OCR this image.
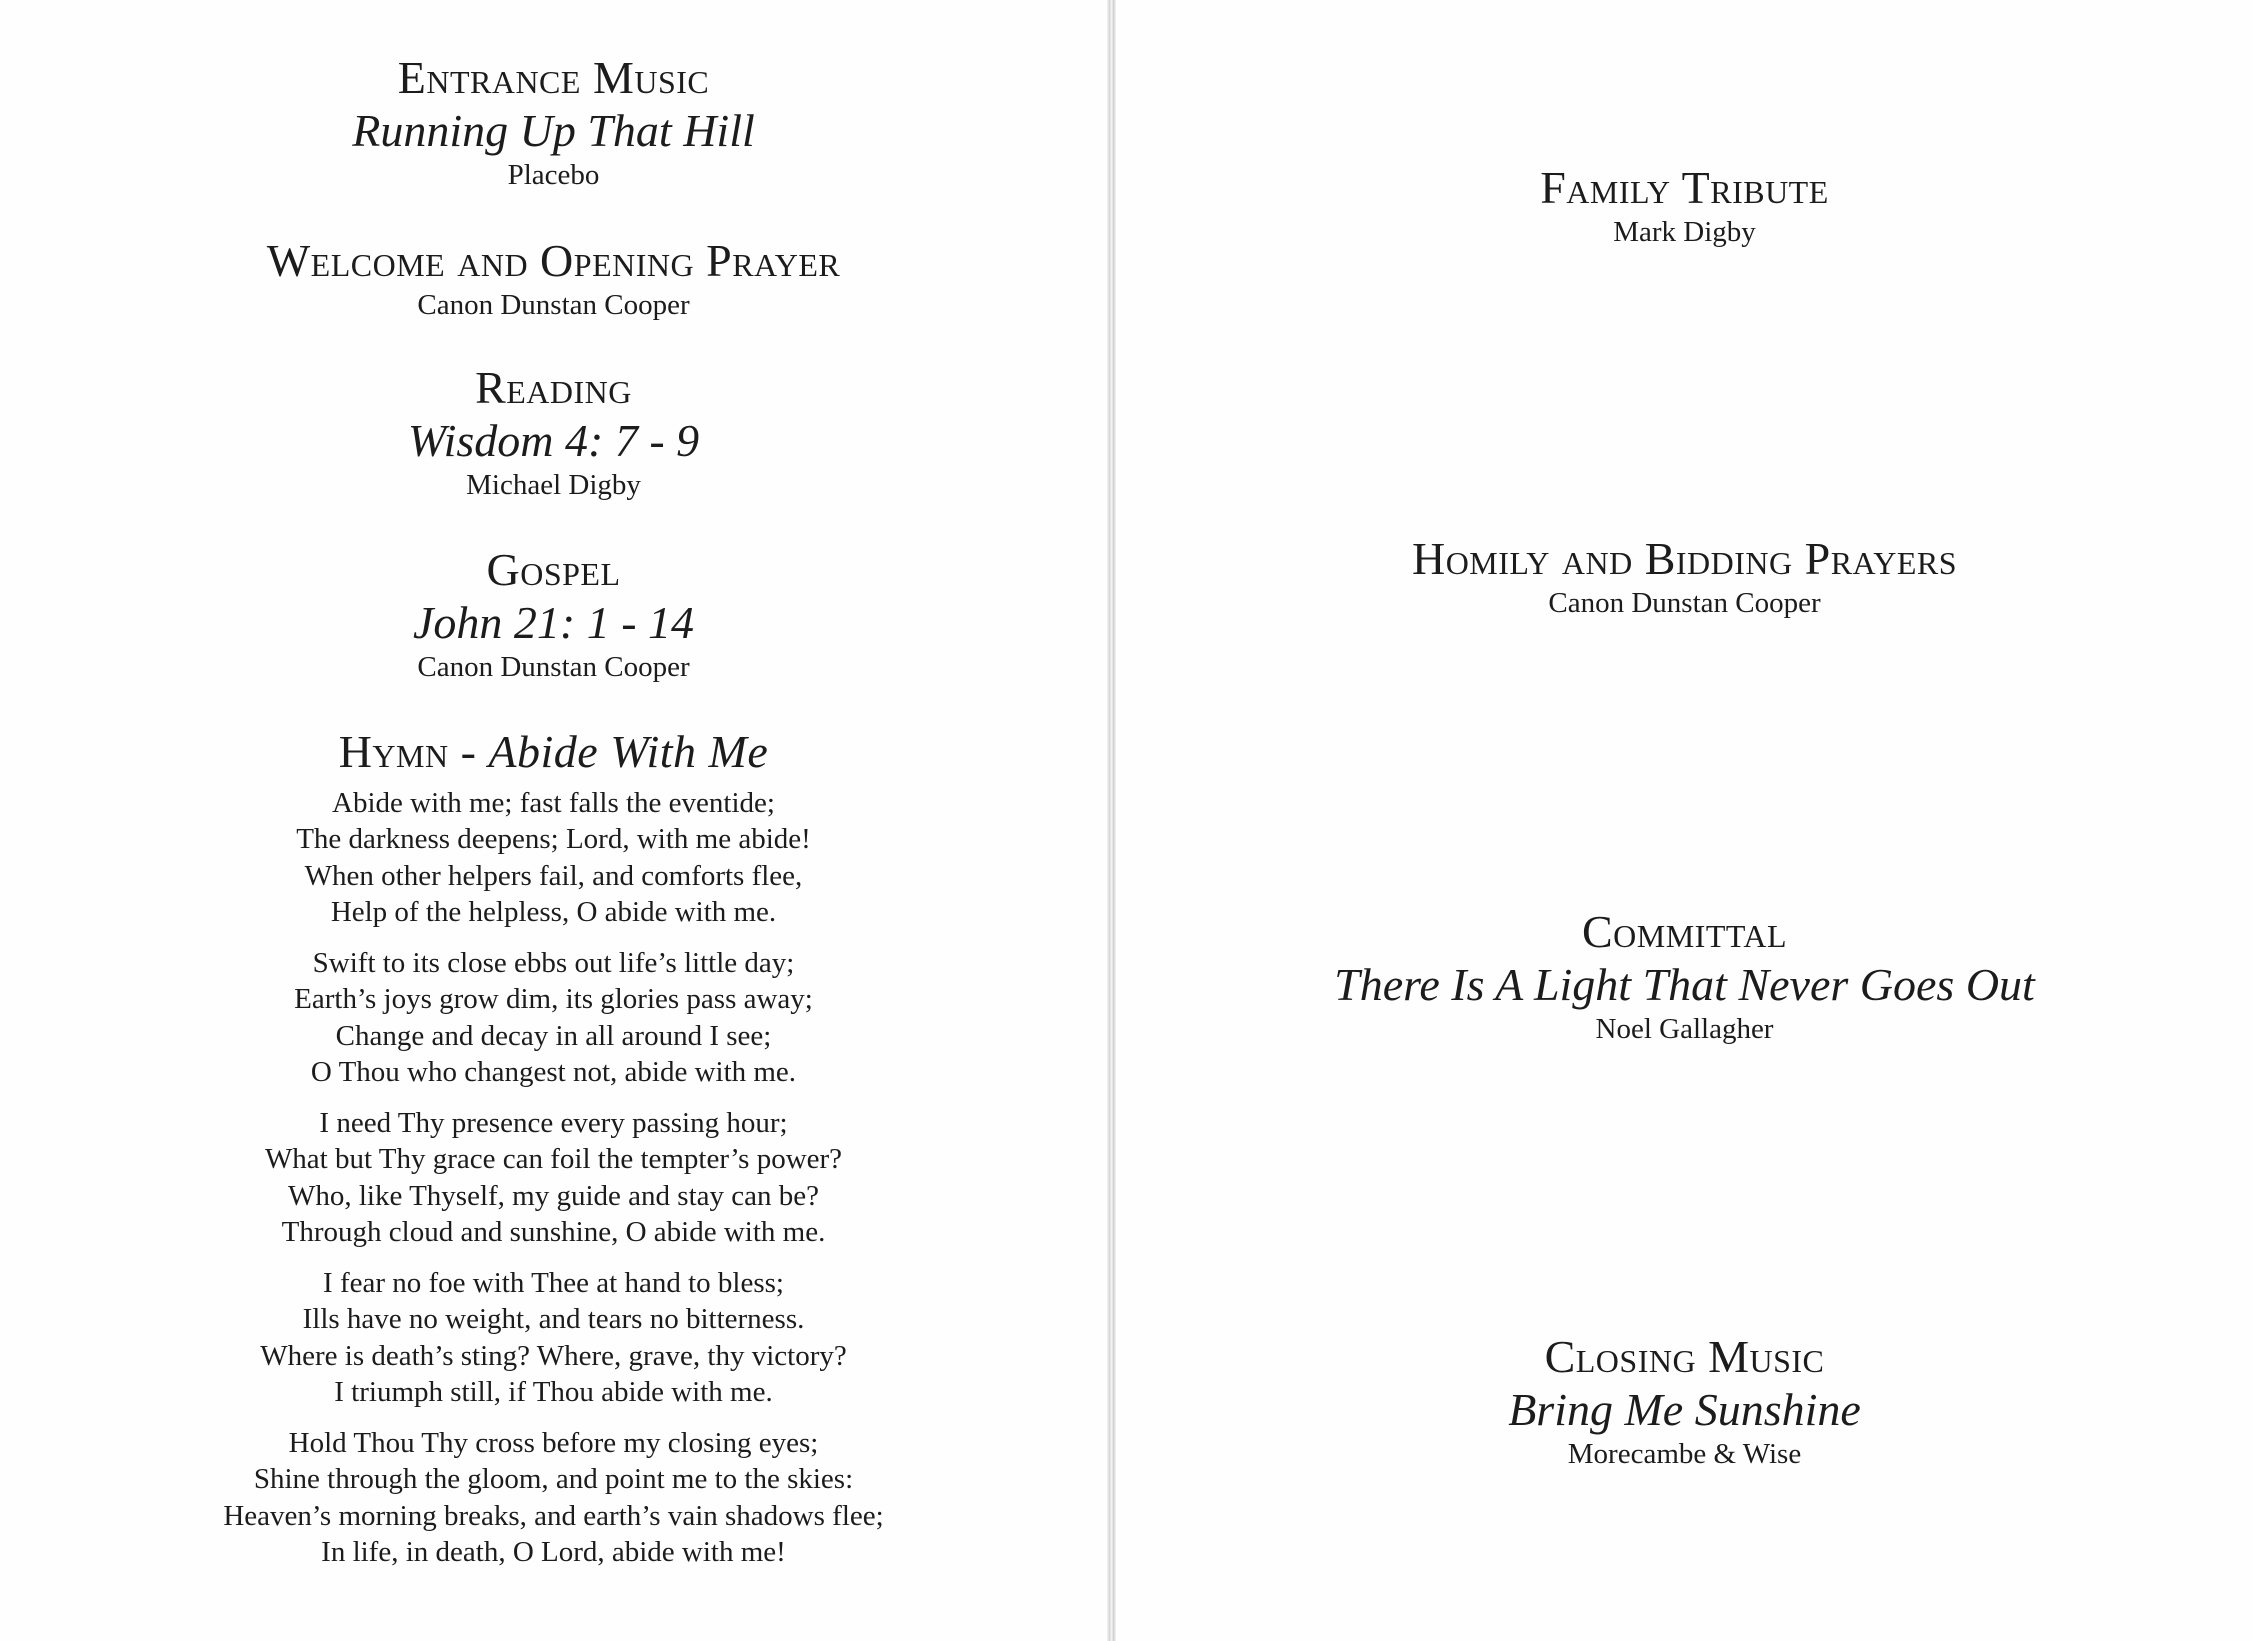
Entrance Music
Running Up That Hill
Placebo
Welcome and Opening Prayer
Canon Dunstan Cooper
Reading
Wisdom 4: 7 - 9
Michael Digby
Gospel
John 21: 1 - 14
Canon Dunstan Cooper
Hymn - Abide With Me
Abide with me; fast falls the eventide;
The darkness deepens; Lord, with me abide!
When other helpers fail, and comforts flee,
Help of the helpless, O abide with me.
Swift to its close ebbs out life’s little day;
Earth’s joys grow dim, its glories pass away;
Change and decay in all around I see;
O Thou who changest not, abide with me.
I need Thy presence every passing hour;
What but Thy grace can foil the tempter’s power?
Who, like Thyself, my guide and stay can be?
Through cloud and sunshine, O abide with me.
I fear no foe with Thee at hand to bless;
Ills have no weight, and tears no bitterness.
Where is death’s sting? Where, grave, thy victory?
I triumph still, if Thou abide with me.
Hold Thou Thy cross before my closing eyes;
Shine through the gloom, and point me to the skies:
Heaven’s morning breaks, and earth’s vain shadows flee;
In life, in death, O Lord, abide with me!
Family Tribute
Mark Digby
Homily and Bidding Prayers
Canon Dunstan Cooper
Committal
There Is A Light That Never Goes Out
Noel Gallagher
Closing Music
Bring Me Sunshine
Morecambe & Wise
